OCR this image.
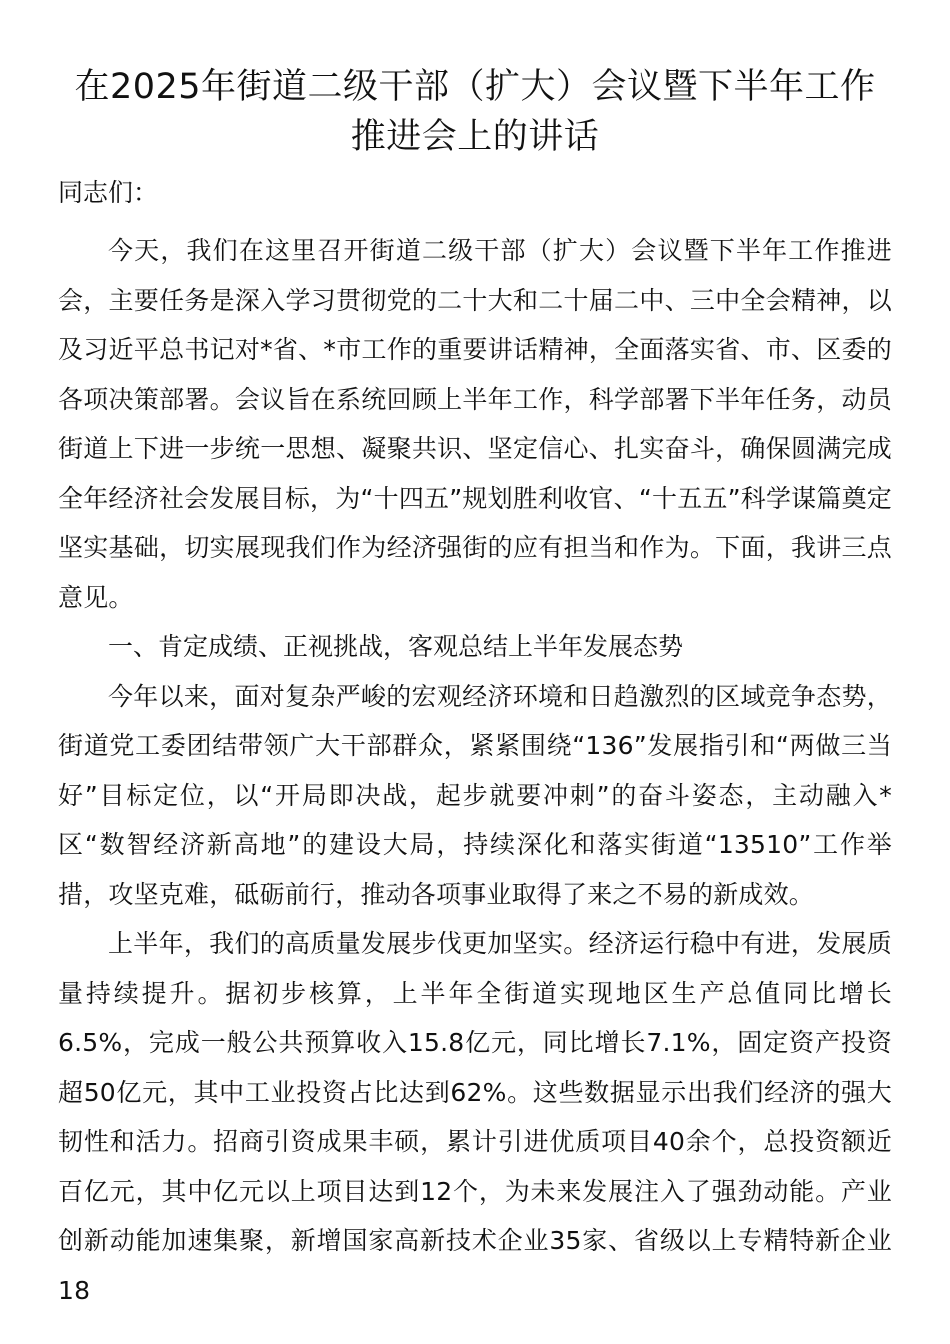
在2025年街道二级干部（扩大）会议暨下半年工作
推进会上的讲话

同志们：

今天，我们在这里召开街道二级干部（扩大）会议暨下半年工作推进会，主要任务是深入学习贯彻党的二十大和二十届二中、三中全会精神，以及习近平总书记对*省、*市工作的重要讲话精神，全面落实省、市、区委的各项决策部署。会议旨在系统回顾上半年工作，科学部署下半年任务，动员街道上下进一步统一思想、凝聚共识、坚定信心、扎实奋斗，确保圆满完成全年经济社会发展目标，为“十四五”规划胜利收官、“十五五”科学谋篇奠定坚实基础，切实展现我们作为经济强街的应有担当和作为。下面，我讲三点意见。

一、肯定成绩、正视挑战，客观总结上半年发展态势

今年以来，面对复杂严峻的宏观经济环境和日趋激烈的区域竞争态势，街道党工委团结带领广大干部群众，紧紧围绕“136”发展指引和“两做三当好”目标定位，以“开局即决战，起步就要冲刺”的奋斗姿态，主动融入*区“数智经济新高地”的建设大局，持续深化和落实街道“13510”工作举措，攻坚克难，砥砺前行，推动各项事业取得了来之不易的新成效。

上半年，我们的高质量发展步伐更加坚实。经济运行稳中有进，发展质量持续提升。据初步核算，上半年全街道实现地区生产总值同比增长6.5%，完成一般公共预算收入15.8亿元，同比增长7.1%，固定资产投资超50亿元，其中工业投资占比达到62%。这些数据显示出我们经济的强大韧性和活力。招商引资成果丰硕，累计引进优质项目40余个，总投资额近百亿元，其中亿元以上项目达到12个，为未来发展注入了强劲动能。产业创新动能加速集聚，新增国家高新技术企业35家、省级以上专精特新企业18
